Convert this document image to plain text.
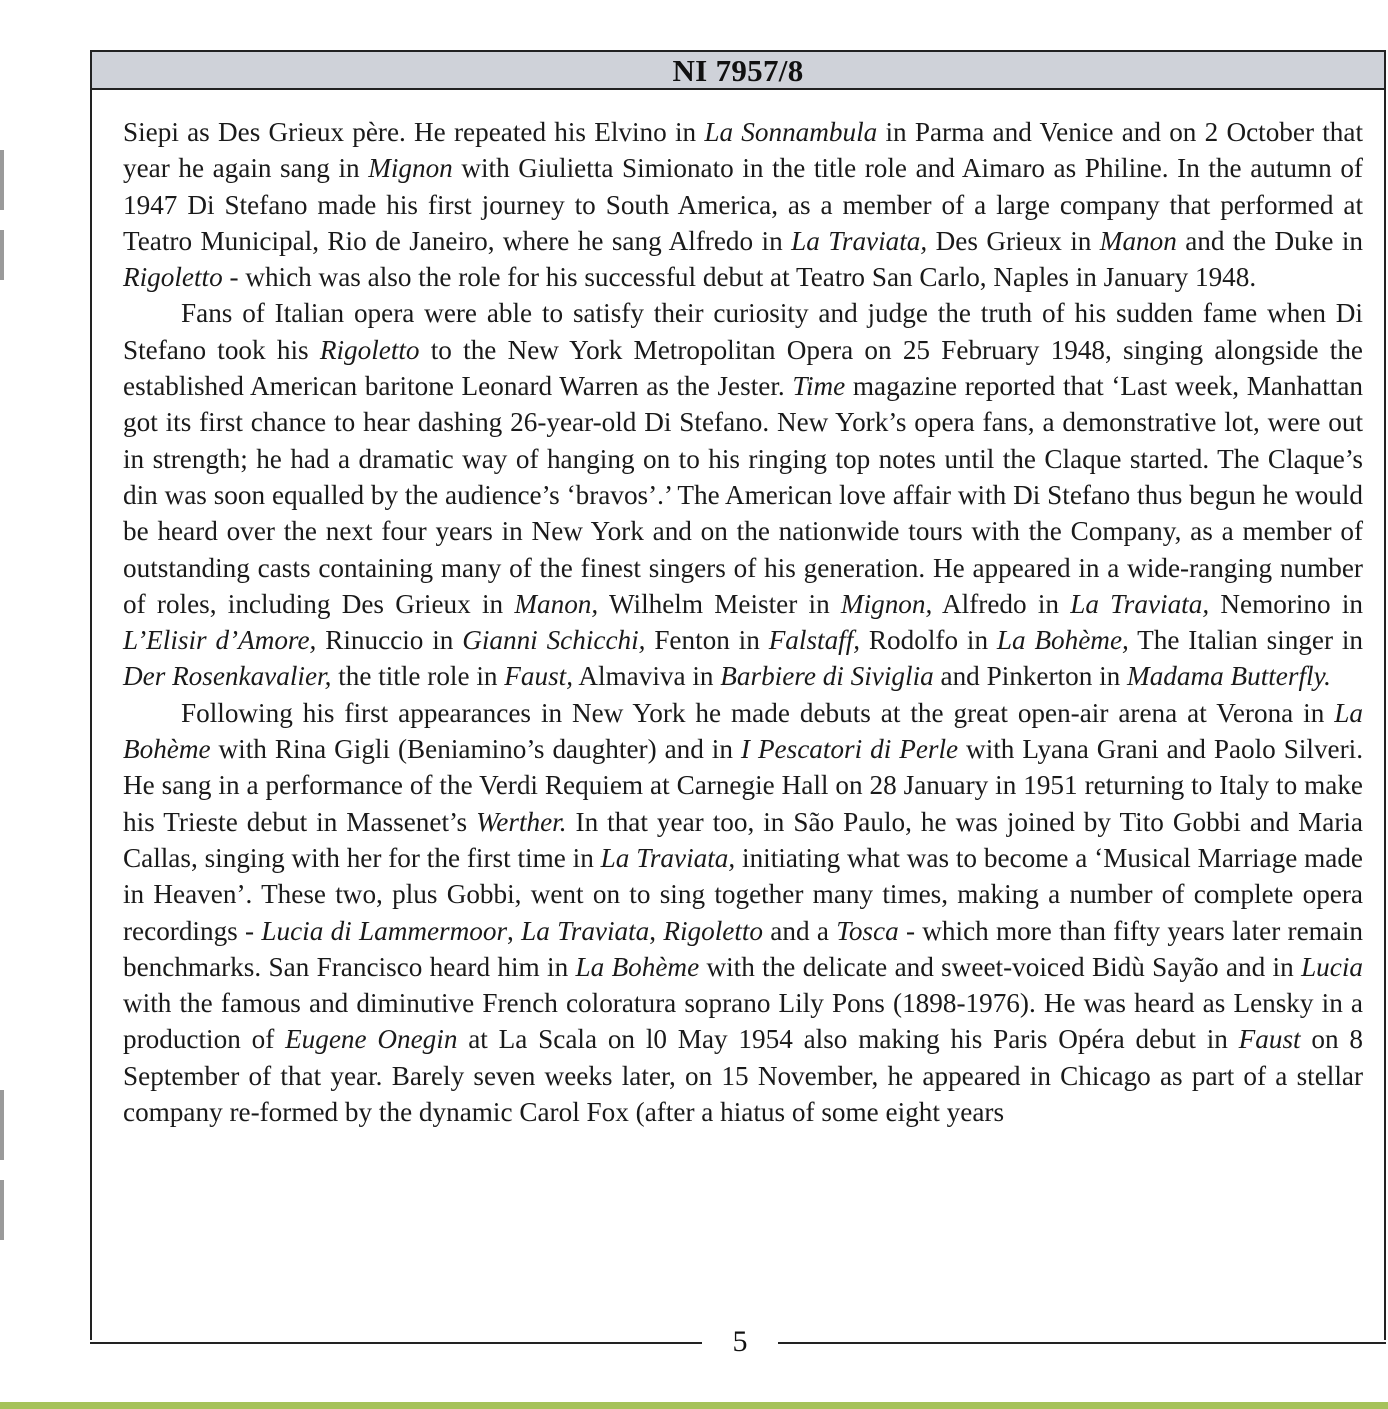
NI 7957/8

Siepi as Des Grieux père. He repeated his Elvino in La Sonnambula in Parma and Venice and on 2 October that year he again sang in Mignon with Giulietta Simionato in the title role and Aimaro as Philine. In the autumn of 1947 Di Stefano made his first journey to South America, as a member of a large company that performed at Teatro Municipal, Rio de Janeiro, where he sang Alfredo in La Traviata, Des Grieux in Manon and the Duke in Rigoletto - which was also the role for his successful debut at Teatro San Carlo, Naples in January 1948.

Fans of Italian opera were able to satisfy their curiosity and judge the truth of his sudden fame when Di Stefano took his Rigoletto to the New York Metropolitan Opera on 25 February 1948, singing alongside the established American baritone Leonard Warren as the Jester. Time magazine reported that ‘Last week, Manhattan got its first chance to hear dashing 26-year-old Di Stefano. New York’s opera fans, a demonstrative lot, were out in strength; he had a dramatic way of hanging on to his ringing top notes until the Claque started. The Claque’s din was soon equalled by the audience’s ‘bravos’.’ The American love affair with Di Stefano thus begun he would be heard over the next four years in New York and on the nationwide tours with the Company, as a member of outstanding casts containing many of the finest singers of his generation. He appeared in a wide-ranging number of roles, including Des Grieux in Manon, Wilhelm Meister in Mignon, Alfredo in La Traviata, Nemorino in L’Elisir d’Amore, Rinuccio in Gianni Schicchi, Fenton in Falstaff, Rodolfo in La Bohème, The Italian singer in Der Rosenkavalier, the title role in Faust, Almaviva in Barbiere di Siviglia and Pinkerton in Madama Butterfly.

Following his first appearances in New York he made debuts at the great open-air arena at Verona in La Bohème with Rina Gigli (Beniamino’s daughter) and in I Pescatori di Perle with Lyana Grani and Paolo Silveri. He sang in a performance of the Verdi Requiem at Carnegie Hall on 28 January in 1951 returning to Italy to make his Trieste debut in Massenet’s Werther. In that year too, in São Paulo, he was joined by Tito Gobbi and Maria Callas, singing with her for the first time in La Traviata, initiating what was to become a ‘Musical Marriage made in Heaven’. These two, plus Gobbi, went on to sing together many times, making a number of complete opera recordings - Lucia di Lammermoor, La Traviata, Rigoletto and a Tosca - which more than fifty years later remain benchmarks. San Francisco heard him in La Bohème with the delicate and sweet-voiced Bidù Sayão and in Lucia with the famous and diminutive French coloratura soprano Lily Pons (1898-1976). He was heard as Lensky in a production of Eugene Onegin at La Scala on l0 May 1954 also making his Paris Opéra debut in Faust on 8 September of that year. Barely seven weeks later, on 15 November, he appeared in Chicago as part of a stellar company re-formed by the dynamic Carol Fox (after a hiatus of some eight years

5
